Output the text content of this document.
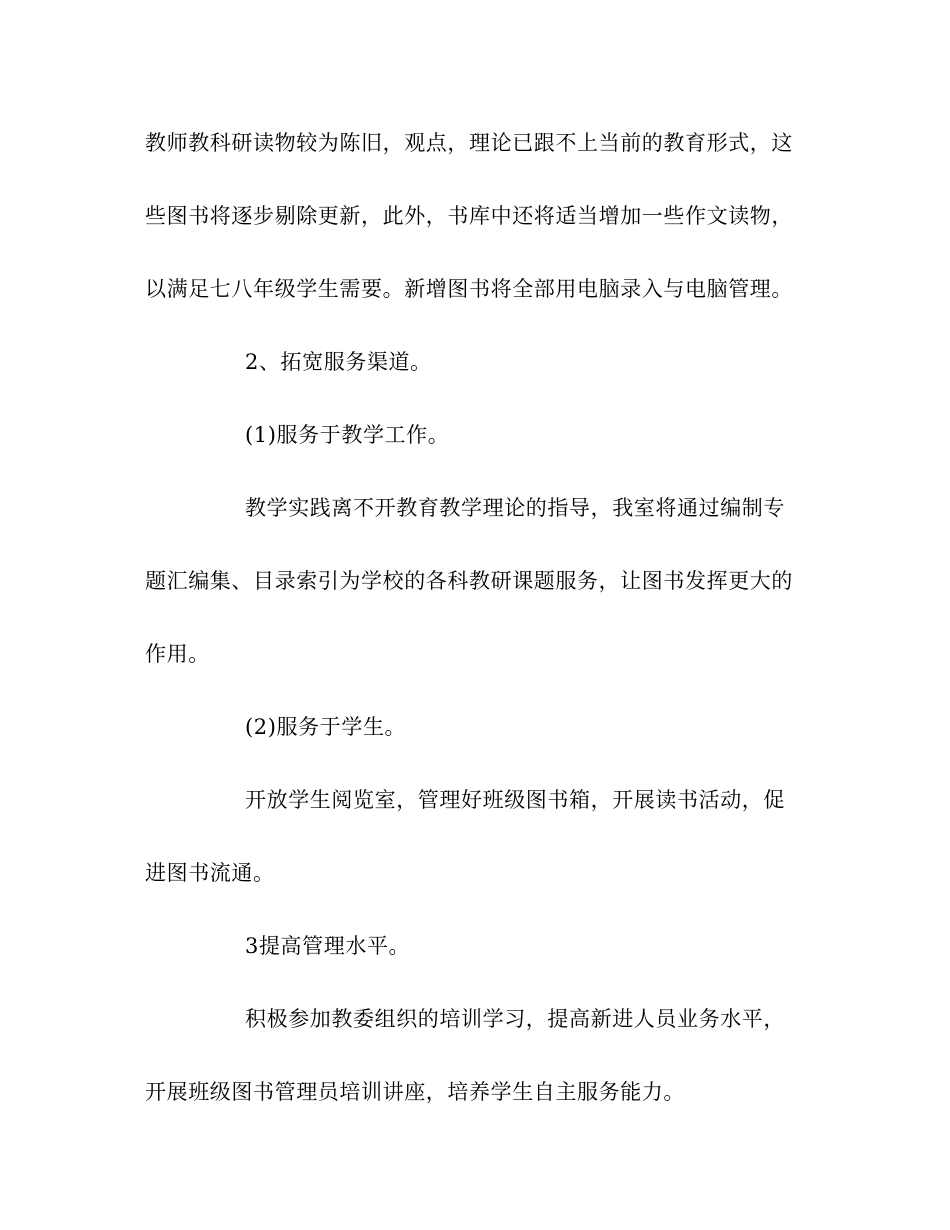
教师教科研读物较为陈旧，观点，理论已跟不上当前的教育形式，这
些图书将逐步剔除更新，此外，书库中还将适当增加一些作文读物，
以满足七八年级学生需要。新增图书将全部用电脑录入与电脑管理。
2、拓宽服务渠道。
(1)服务于教学工作。
教学实践离不开教育教学理论的指导，我室将通过编制专
题汇编集、目录索引为学校的各科教研课题服务，让图书发挥更大的
作用。
(2)服务于学生。
开放学生阅览室，管理好班级图书箱，开展读书活动，促
进图书流通。
3提高管理水平。
积极参加教委组织的培训学习，提高新进人员业务水平，
开展班级图书管理员培训讲座，培养学生自主服务能力。
